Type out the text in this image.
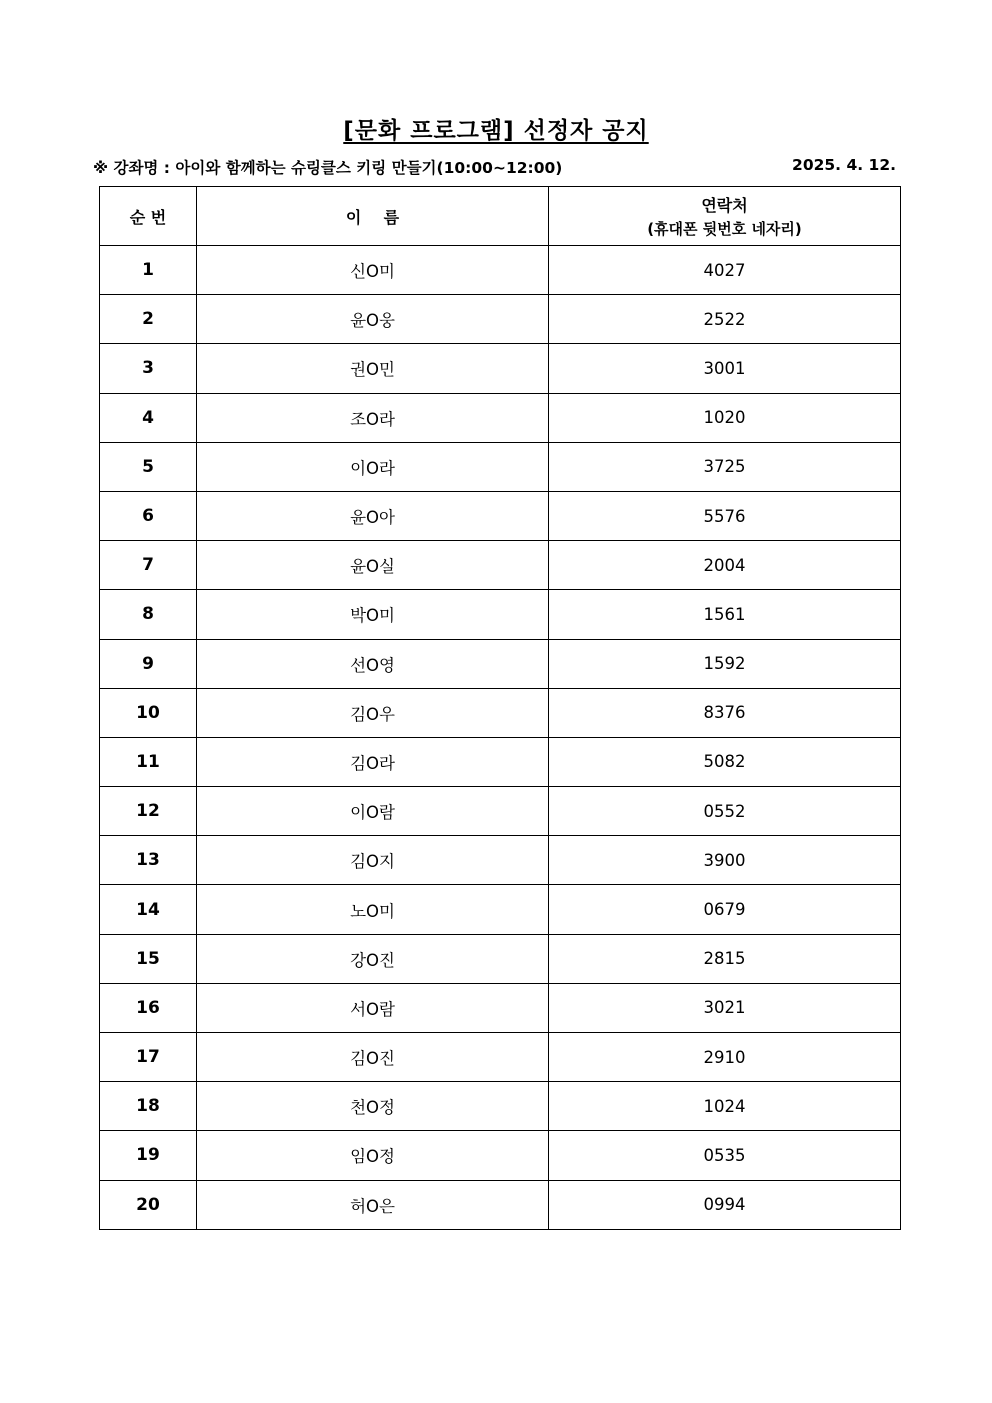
[문화 프로그램] 선정자 공지
※ 강좌명 : 아이와 함께하는 슈링클스 키링 만들기(10:00~12:00)	2025. 4. 12.
순 번	이    름	연락처
(휴대폰 뒷번호 네자리)

1	신O미	4027
2	윤O웅	2522
3	권O민	3001
4	조O라	1020
5	이O라	3725
6	윤O아	5576
7	윤O실	2004
8	박O미	1561
9	선O영	1592
10	김O우	8376
11	김O라	5082
12	이O람	0552
13	김O지	3900
14	노O미	0679
15	강O진	2815
16	서O람	3021
17	김O진	2910
18	천O정	1024
19	임O정	0535
20	허O은	0994
